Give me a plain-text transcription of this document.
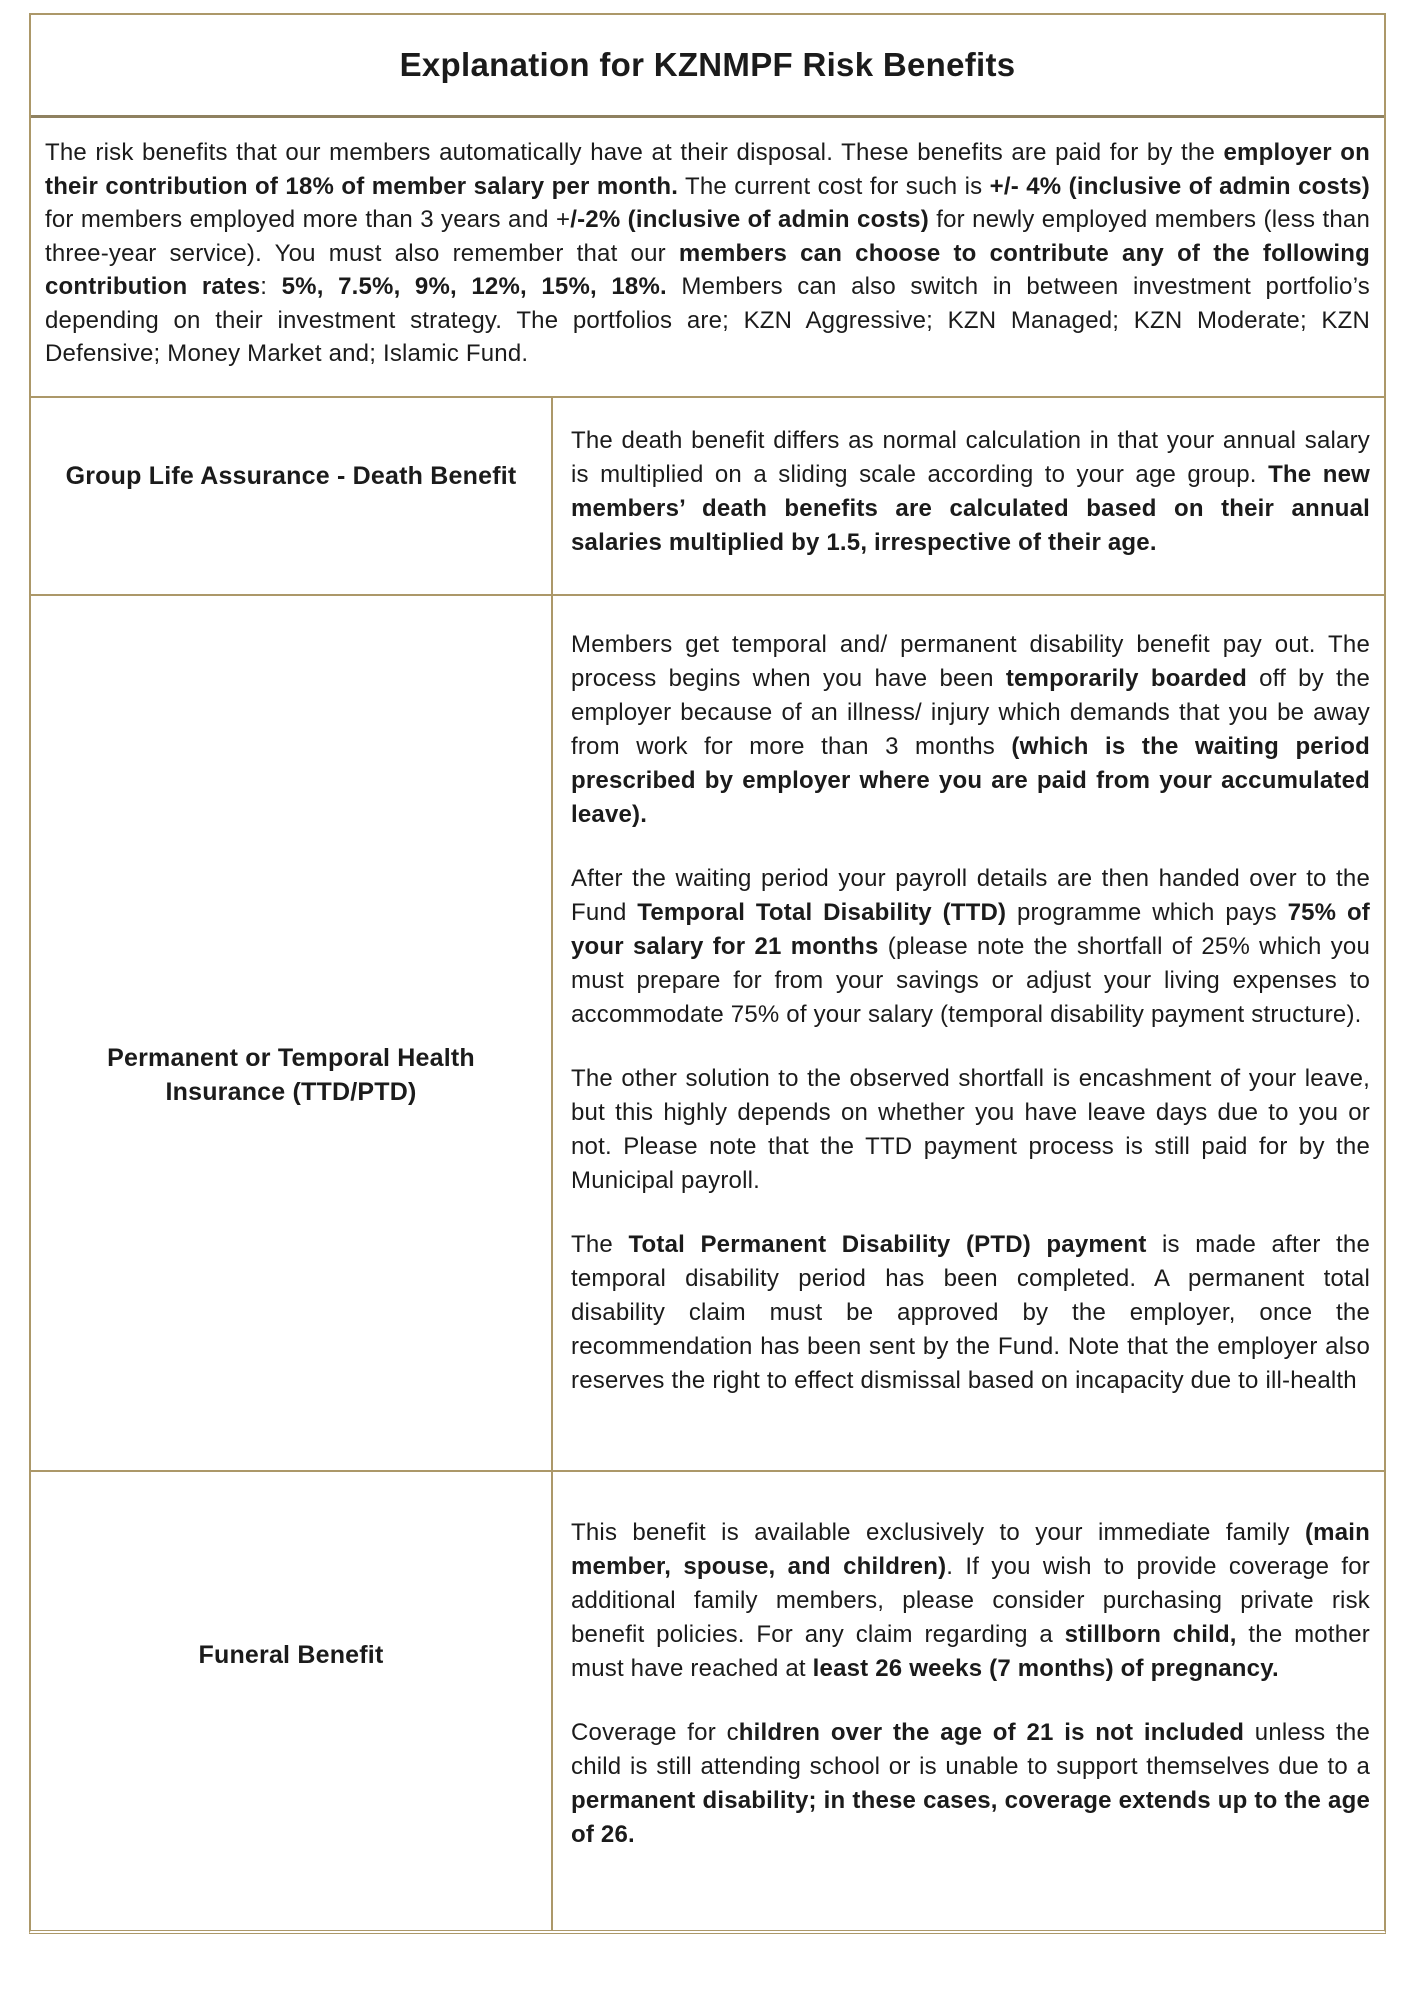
Explanation for KZNMPF Risk Benefits
The risk benefits that our members automatically have at their disposal. These benefits are paid for by the employer on their contribution of 18% of member salary per month. The current cost for such is +/- 4% (inclusive of admin costs) for members employed more than 3 years and +/-2% (inclusive of admin costs) for newly employed members (less than three-year service). You must also remember that our members can choose to contribute any of the following contribution rates: 5%, 7.5%, 9%, 12%, 15%, 18%. Members can also switch in between investment portfolio’s depending on their investment strategy. The portfolios are; KZN Aggressive; KZN Managed; KZN Moderate; KZN Defensive; Money Market and; Islamic Fund.
Group Life Assurance - Death Benefit

The death benefit differs as normal calculation in that your annual salary is multiplied on a sliding scale according to your age group. The new members’ death benefits are calculated based on their annual salaries multiplied by 1.5, irrespective of their age.

Permanent or Temporal Health Insurance (TTD/PTD)

Members get temporal and/ permanent disability benefit pay out. The process begins when you have been temporarily boarded off by the employer because of an illness/ injury which demands that you be away from work for more than 3 months (which is the waiting period prescribed by employer where you are paid from your accumulated leave).

After the waiting period your payroll details are then handed over to the Fund Temporal Total Disability (TTD) programme which pays 75% of your salary for 21 months (please note the shortfall of 25% which you must prepare for from your savings or adjust your living expenses to accommodate 75% of your salary (temporal disability payment structure).

The other solution to the observed shortfall is encashment of your leave, but this highly depends on whether you have leave days due to you or not. Please note that the TTD payment process is still paid for by the Municipal payroll.

The Total Permanent Disability (PTD) payment is made after the temporal disability period has been completed. A permanent total disability claim must be approved by the employer, once the recommendation has been sent by the Fund. Note that the employer also reserves the right to effect dismissal based on incapacity due to ill-health

Funeral Benefit

This benefit is available exclusively to your immediate family (main member, spouse, and children). If you wish to provide coverage for additional family members, please consider purchasing private risk benefit policies. For any claim regarding a stillborn child, the mother must have reached at least 26 weeks (7 months) of pregnancy.

Coverage for children over the age of 21 is not included unless the child is still attending school or is unable to support themselves due to a permanent disability; in these cases, coverage extends up to the age of 26.
